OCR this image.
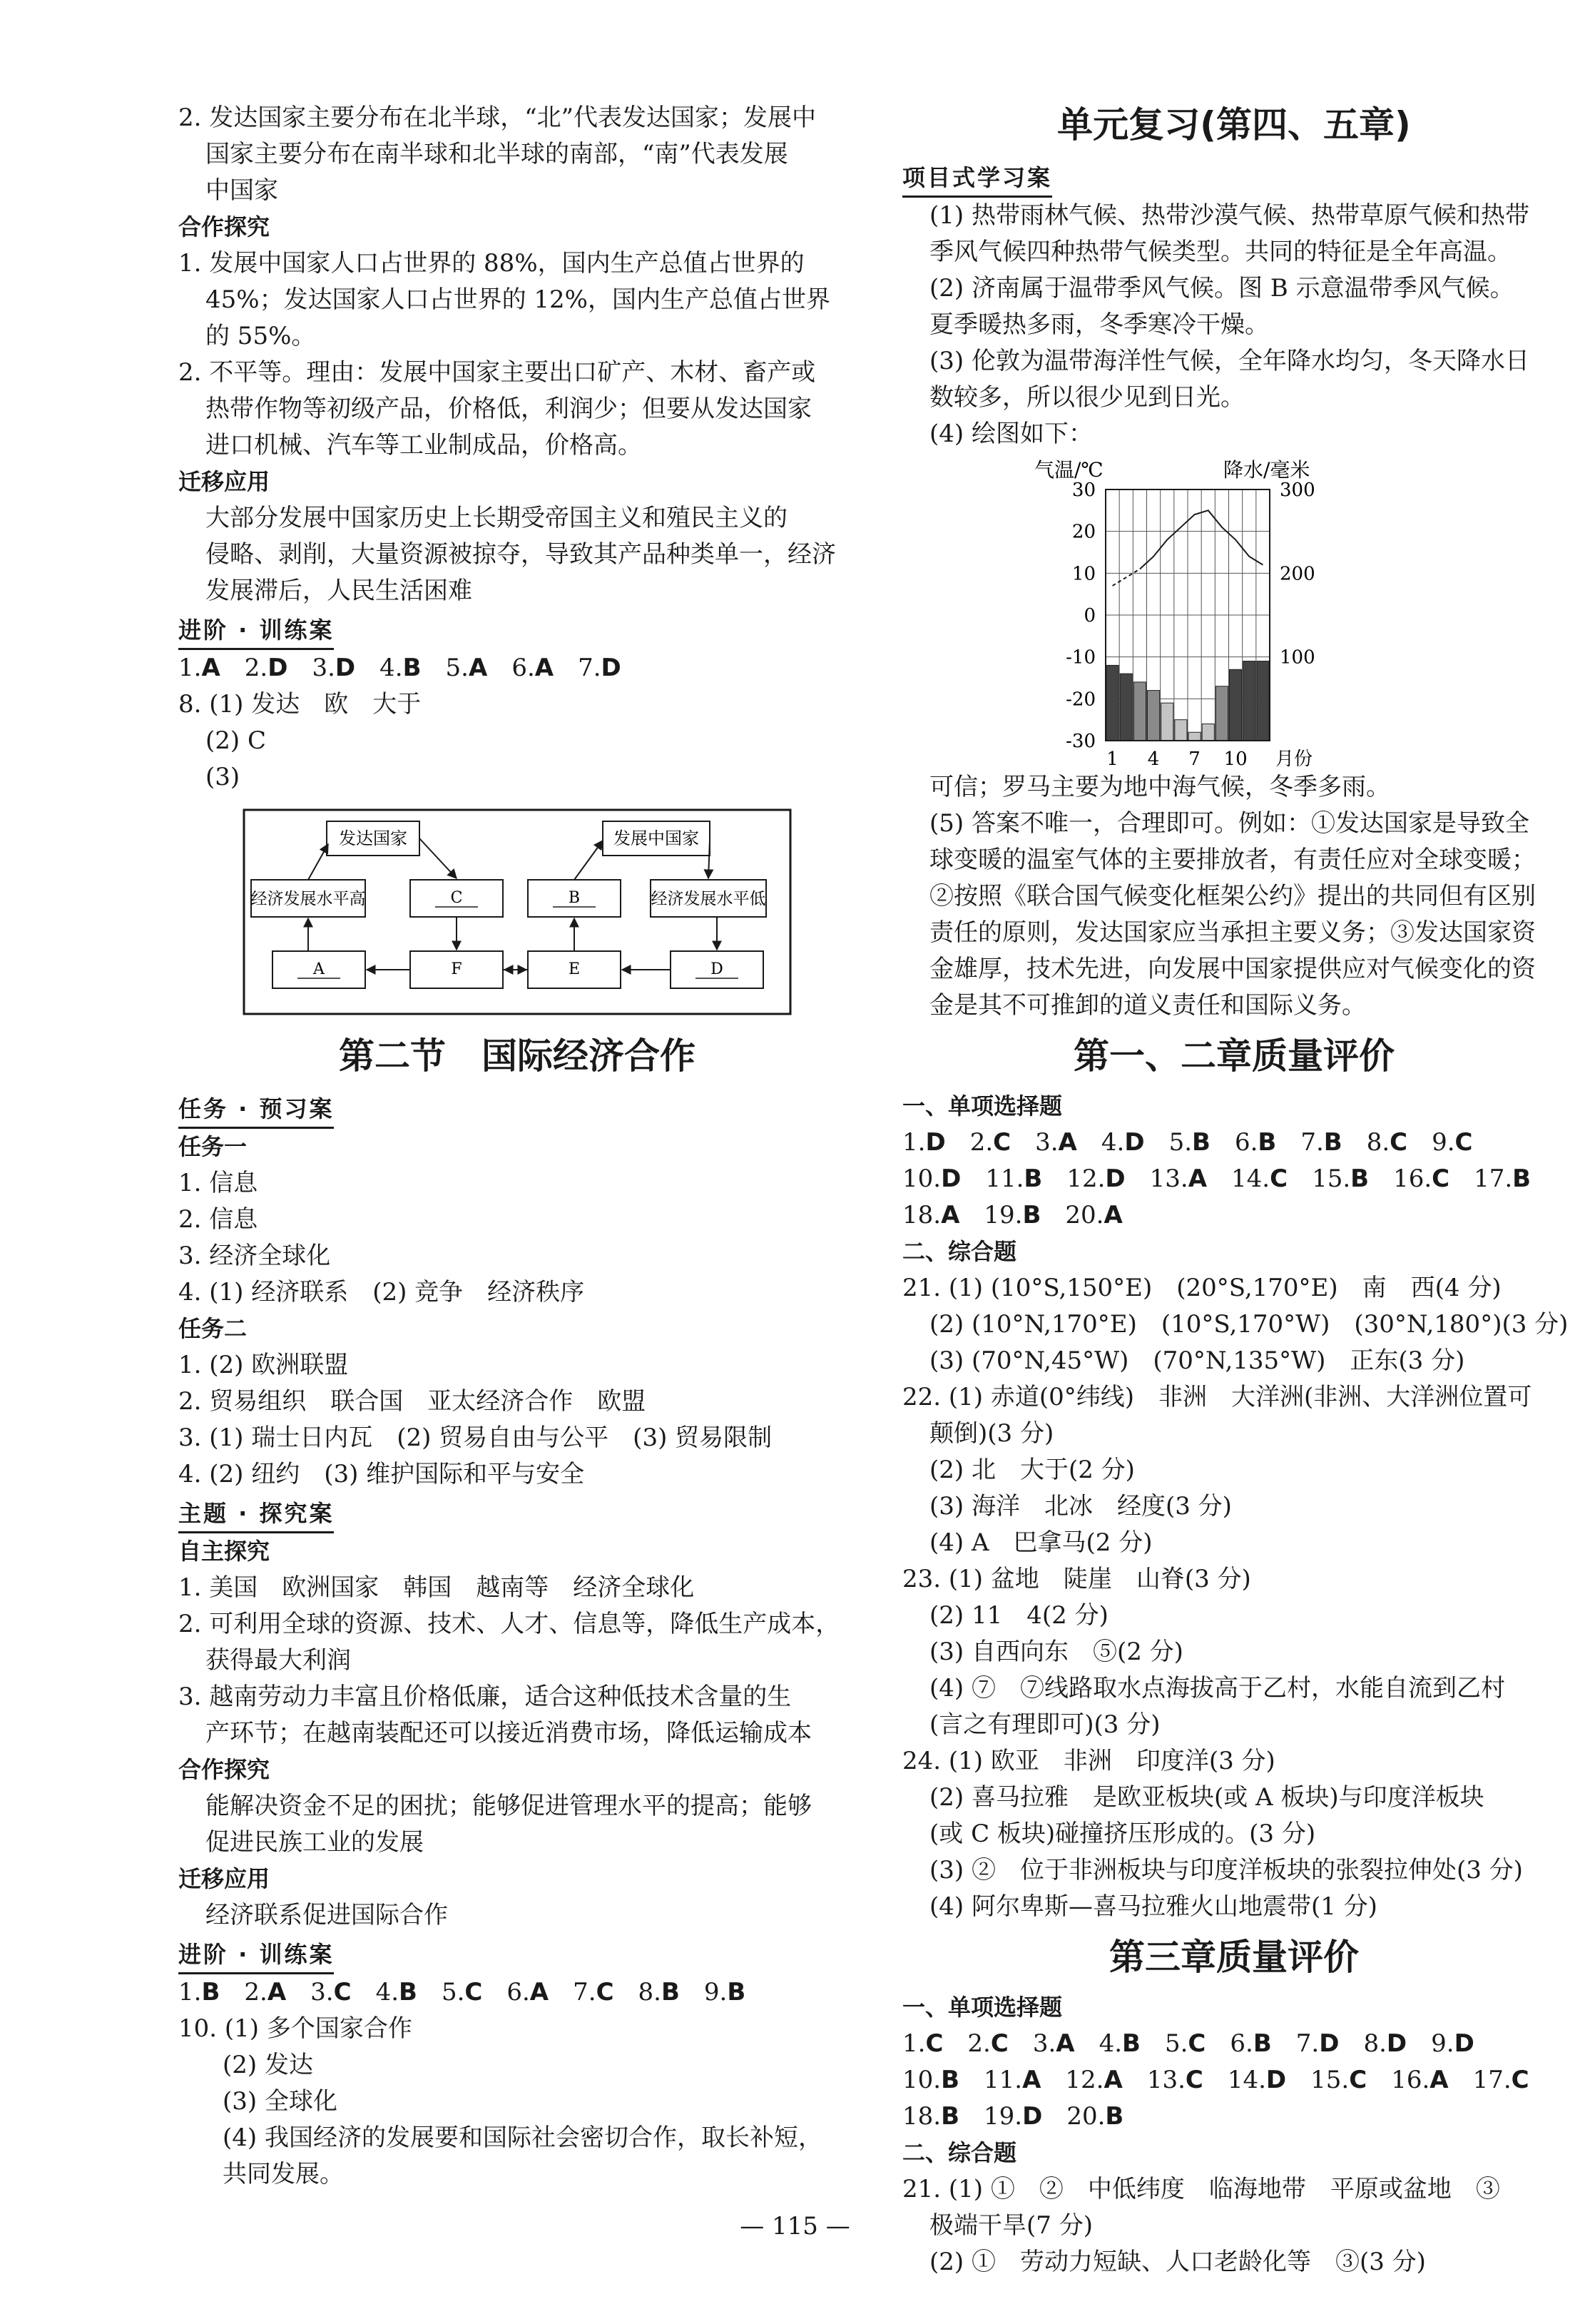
2. 发达国家主要分布在北半球，“北”代表发达国家；发展中
国家主要分布在南半球和北半球的南部，“南”代表发展
中国家
合作探究
1. 发展中国家人口占世界的 88%，国内生产总值占世界的
45%；发达国家人口占世界的 12%，国内生产总值占世界
的 55%。
2. 不平等。理由：发展中国家主要出口矿产、木材、畜产或
热带作物等初级产品，价格低，利润少；但要从发达国家
进口机械、汽车等工业制成品，价格高。
迁移应用
大部分发展中国家历史上长期受帝国主义和殖民主义的
侵略、剥削，大量资源被掠夺，导致其产品种类单一，经济
发展滞后，人民生活困难
进阶 · 训练案
1. A 2. D 3. D 4. B 5. A 6. A 7. D
8. (1) 发达　欧　大于
(2) C
(3)
发达国家
经济发展水平高	C
A	F
发展中国家
B	经济发展水平低
E	D
第二节　国际经济合作
任务 · 预习案
任务一
1. 信息
2. 信息
3. 经济全球化
4. (1) 经济联系　(2) 竞争　经济秩序
任务二
1. (2) 欧洲联盟
2. 贸易组织　联合国　亚太经济合作　欧盟
3. (1) 瑞士日内瓦　(2) 贸易自由与公平　(3) 贸易限制
4. (2) 纽约　(3) 维护国际和平与安全
主题 · 探究案
自主探究
1. 美国　欧洲国家　韩国　越南等　经济全球化
2. 可利用全球的资源、技术、人才、信息等，降低生产成本，
获得最大利润
3. 越南劳动力丰富且价格低廉，适合这种低技术含量的生
产环节；在越南装配还可以接近消费市场，降低运输成本
合作探究
能解决资金不足的困扰；能够促进管理水平的提高；能够
促进民族工业的发展
迁移应用
经济联系促进国际合作
进阶 · 训练案
1. B 2. A 3. C 4. B 5. C 6. A 7. C 8. B 9. B
10. (1) 多个国家合作
(2) 发达
(3) 全球化
(4) 我国经济的发展要和国际社会密切合作，取长补短，
共同发展。
单元复习(第四、五章)
项目式学习案
(1) 热带雨林气候、热带沙漠气候、热带草原气候和热带
季风气候四种热带气候类型。共同的特征是全年高温。
(2) 济南属于温带季风气候。图 B 示意温带季风气候。
夏季暖热多雨，冬季寒冷干燥。
(3) 伦敦为温带海洋性气候，全年降水均匀，冬天降水日
数较多，所以很少见到日光。
(4) 绘图如下：
气温/℃	降水/毫米
30
20
10
0
-10
-20
-30
300
200
100
1 4 7 10 月份
可信；罗马主要为地中海气候，冬季多雨。
(5) 答案不唯一，合理即可。例如：①发达国家是导致全
球变暖的温室气体的主要排放者，有责任应对全球变暖；
②按照《联合国气候变化框架公约》提出的共同但有区别
责任的原则，发达国家应当承担主要义务；③发达国家资
金雄厚，技术先进，向发展中国家提供应对气候变化的资
金是其不可推卸的道义责任和国际义务。
第一、二章质量评价
一、单项选择题
1. D 2. C 3. A 4. D 5. B 6. B 7. B 8. C 9. C
10. D 11. B 12. D 13. A 14. C 15. B 16. C 17. B
18. A 19. B 20. A
二、综合题
21. (1) (10°S,150°E)　(20°S,170°E)　南　西(4 分)
(2) (10°N,170°E)　(10°S,170°W)　(30°N,180°)(3 分)
(3) (70°N,45°W)　(70°N,135°W)　正东(3 分)
22. (1) 赤道(0°纬线)　非洲　大洋洲(非洲、大洋洲位置可
颠倒)(3 分)
(2) 北　大于(2 分)
(3) 海洋　北冰　经度(3 分)
(4) A　巴拿马(2 分)
23. (1) 盆地　陡崖　山脊(3 分)
(2) 11　4(2 分)
(3) 自西向东　⑤(2 分)
(4) ⑦　⑦线路取水点海拔高于乙村，水能自流到乙村
(言之有理即可)(3 分)
24. (1) 欧亚　非洲　印度洋(3 分)
(2) 喜马拉雅　是欧亚板块(或 A 板块)与印度洋板块
(或 C 板块)碰撞挤压形成的。(3 分)
(3) ②　位于非洲板块与印度洋板块的张裂拉伸处(3 分)
(4) 阿尔卑斯—喜马拉雅火山地震带(1 分)
第三章质量评价
一、单项选择题
1. C 2. C 3. A 4. B 5. C 6. B 7. D 8. D 9. D
10. B 11. A 12. A 13. C 14. D 15. C 16. A 17. C
18. B 19. D 20. B
二、综合题
21. (1) ①　②　中低纬度　临海地带　平原或盆地　③
极端干旱(7 分)
(2) ①　劳动力短缺、人口老龄化等　③(3 分)
— 115 —
